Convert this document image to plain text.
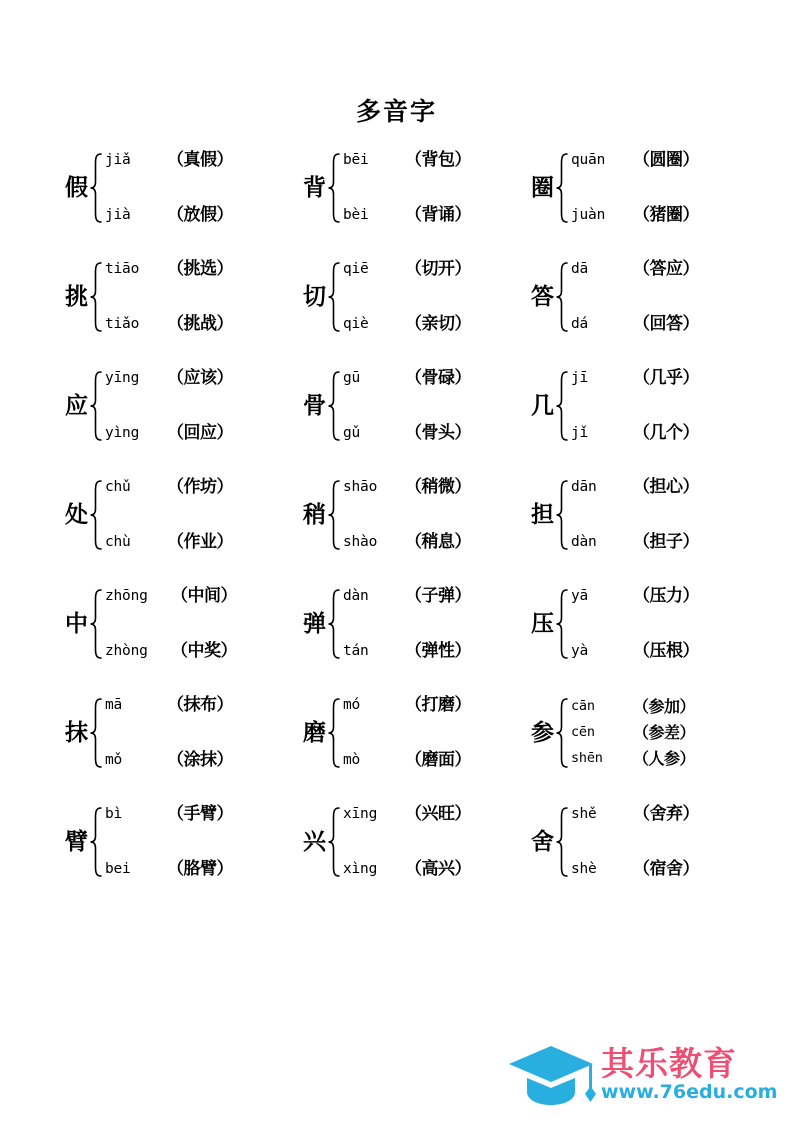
多音字
假
jiǎ	（真假）
jià	（放假）
背
bēi	（背包）
bèi	（背诵）
圈
quān	（圆圈）
juàn	（猪圈）
挑
tiāo	（挑选）
tiǎo	（挑战）
切
qiē	（切开）
qiè	（亲切）
答
dā	（答应）
dá	（回答）
应
yīng	（应该）
yìng	（回应）
骨
gū	（骨碌）
gǔ	（骨头）
几
jī	（几乎）
jǐ	（几个）
处
chǔ	（作坊）
chù	（作业）
稍
shāo	（稍微）
shào	（稍息）
担
dān	（担心）
dàn	（担子）
中
zhōng	（中间）
zhòng	（中奖）
弹
dàn	（子弹）
tán	（弹性）
压
yā	（压力）
yà	（压根）
抹
mā	（抹布）
mǒ	（涂抹）
磨
mó	（打磨）
mò	（磨面）
参
cān	（参加）
cēn	（参差）
shēn	（人参）
臂
bì	（手臂）
bei	（胳臂）
兴
xīng	（兴旺）
xìng	（高兴）
舍
shě	（舍弃）
shè	（宿舍）
其乐教育
www.76edu.com
